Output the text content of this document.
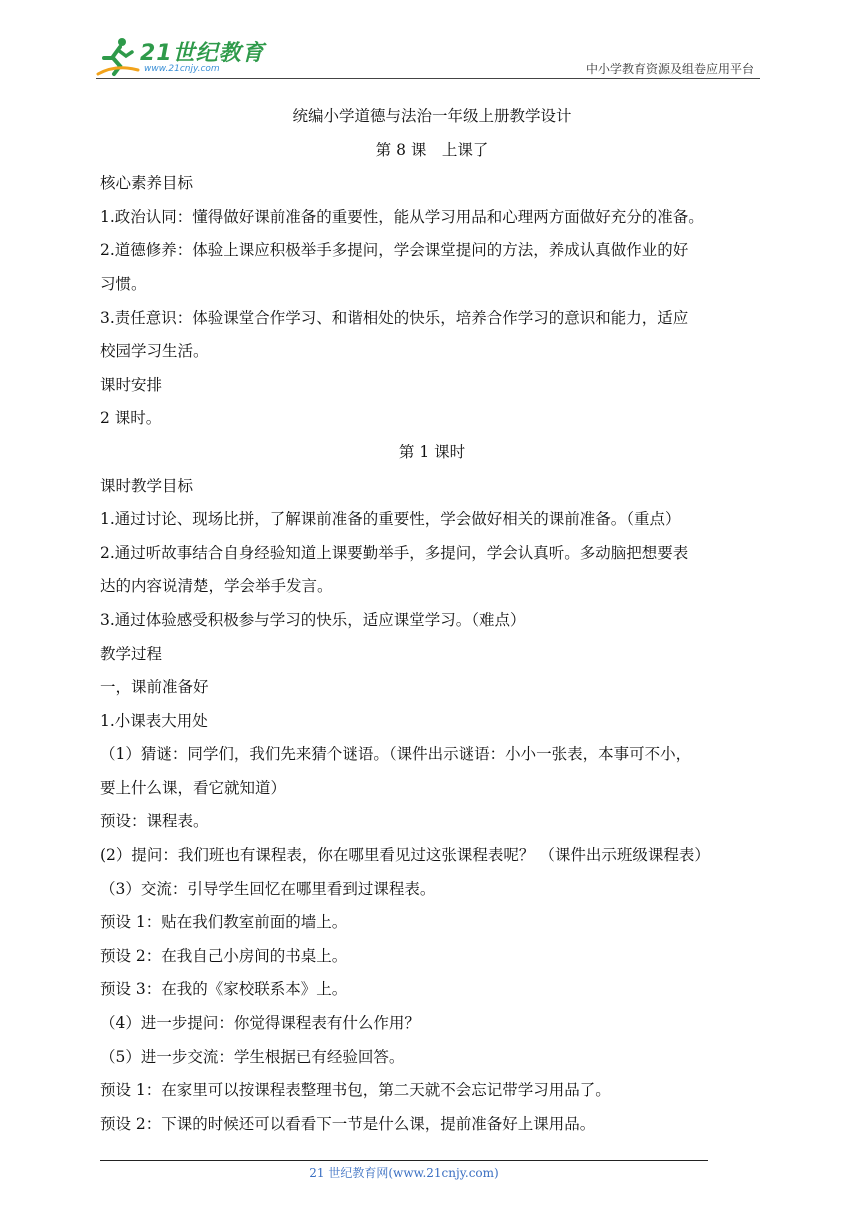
21世纪教育
www.21cnjy.com	中小学教育资源及组卷应用平台

统编小学道德与法治一年级上册教学设计

第 8 课　上课了

核心素养目标

1.政治认同：懂得做好课前准备的重要性，能从学习用品和心理两方面做好充分的准备。

2.道德修养：体验上课应积极举手多提问，学会课堂提问的方法，养成认真做作业的好

习惯。

3.责任意识：体验课堂合作学习、和谐相处的快乐，培养合作学习的意识和能力，适应

校园学习生活。

课时安排

2 课时。

第 1 课时

课时教学目标

1.通过讨论、现场比拼，了解课前准备的重要性，学会做好相关的课前准备。（重点）

2.通过听故事结合自身经验知道上课要勤举手，多提问，学会认真听。多动脑把想要表

达的内容说清楚，学会举手发言。

3.通过体验感受积极参与学习的快乐，适应课堂学习。（难点）

教学过程

一，课前准备好

1.小课表大用处

（1）猜谜：同学们，我们先来猜个谜语。（课件出示谜语：小小一张表，本事可不小，

要上什么课，看它就知道）

预设：课程表。

(2）提问：我们班也有课程表，你在哪里看见过这张课程表呢？ （课件出示班级课程表）

（3）交流：引导学生回忆在哪里看到过课程表。

预设 1：贴在我们教室前面的墙上。

预设 2：在我自己小房间的书桌上。

预设 3：在我的《家校联系本》上。

（4）进一步提问：你觉得课程表有什么作用？

（5）进一步交流：学生根据已有经验回答。

预设 1：在家里可以按课程表整理书包，第二天就不会忘记带学习用品了。

预设 2：下课的时候还可以看看下一节是什么课，提前准备好上课用品。

21 世纪教育网(www.21cnjy.com)
